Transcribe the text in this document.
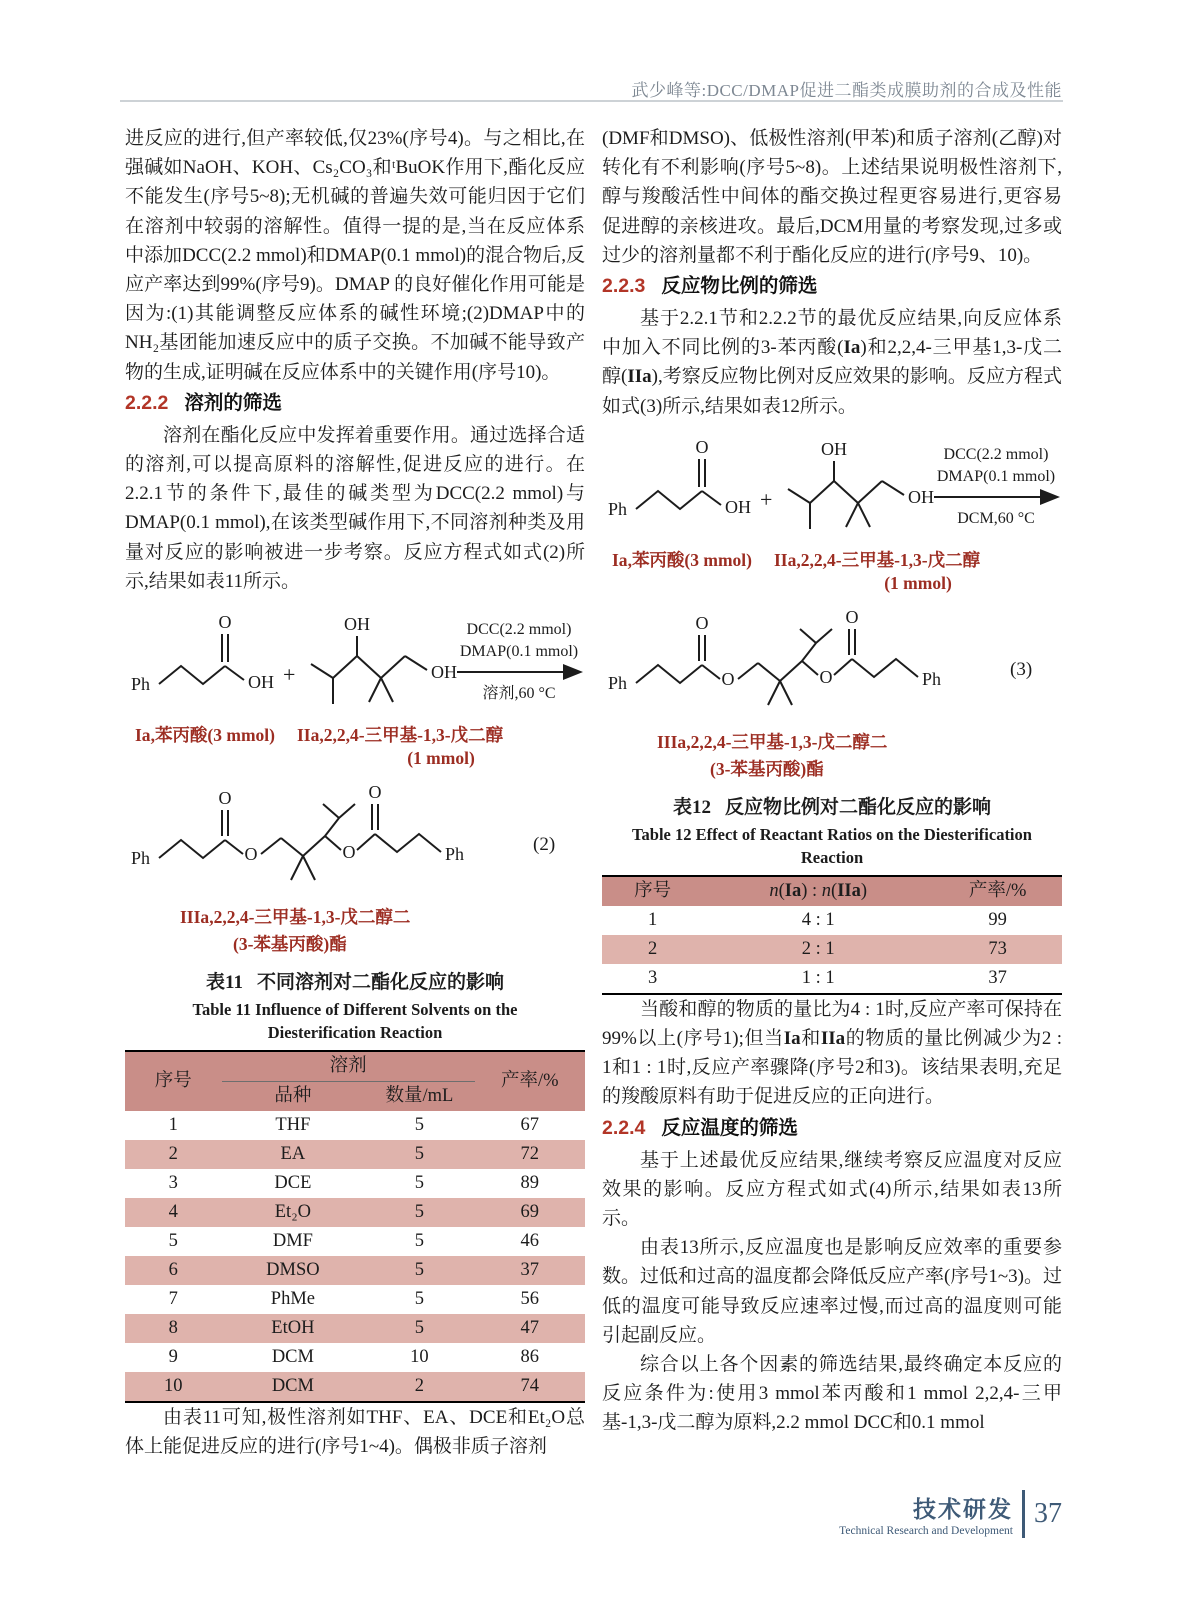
武少峰等:DCC/DMAP促进二酯类成膜助剂的合成及性能

进反应的进行,但产率较低,仅23%(序号4)。与之相比,在强碱如NaOH、KOH、Cs₂CO₃和ᵗBuOK作用下,酯化反应不能发生(序号5~8);无机碱的普遍失效可能归因于它们在溶剂中较弱的溶解性。值得一提的是,当在反应体系中添加DCC(2.2 mmol)和DMAP(0.1 mmol)的混合物后,反应产率达到99%(序号9)。DMAP 的良好催化作用可能是因为:(1)其能调整反应体系的碱性环境;(2)DMAP中的NH₂基团能加速反应中的质子交换。不加碱不能导致产物的生成,证明碱在反应体系中的关键作用(序号10)。

2.2.2 溶剂的筛选

溶剂在酯化反应中发挥着重要作用。通过选择合适的溶剂,可以提高原料的溶解性,促进反应的进行。在2.2.1节的条件下,最佳的碱类型为DCC(2.2 mmol)与DMAP(0.1 mmol),在该类型碱作用下,不同溶剂种类及用量对反应的影响被进一步考察。反应方程式如式(2)所示,结果如表11所示。

Ph
O
OH +
OH
OH
DCC(2.2 mmol)
DMAP(0.1 mmol)
溶剂,60 °C
Ia,苯丙酸(3 mmol) IIa,2,2,4-三甲基-1,3-戊二醇
(1 mmol)
Ph
O
O	O
O
Ph	(2)
IIIa,2,2,4-三甲基-1,3-戊二醇二
(3-苯基丙酸)酯
表11 不同溶剂对二酯化反应的影响
Table 11 Influence of Different Solvents on the
Diesterification Reaction
序号	溶剂		产率/%
	品种	数量/mL	
1	THF	5	67
2	EA	5	72
3	DCE	5	89
4	Et₂O	5	69
5	DMF	5	46
6	DMSO	5	37
7	PhMe	5	56
8	EtOH	5	47
9	DCM	10	86
10	DCM	2	74

由表11可知,极性溶剂如THF、EA、DCE和Et₂O总体上能促进反应的进行(序号1~4)。偶极非质子溶剂

(DMF和DMSO)、低极性溶剂(甲苯)和质子溶剂(乙醇)对转化有不利影响(序号5~8)。上述结果说明极性溶剂下,醇与羧酸活性中间体的酯交换过程更容易进行,更容易促进醇的亲核进攻。最后,DCM用量的考察发现,过多或过少的溶剂量都不利于酯化反应的进行(序号9、10)。

2.2.3 反应物比例的筛选

基于2.2.1节和2.2.2节的最优反应结果,向反应体系中加入不同比例的3-苯丙酸(Ia)和2,2,4-三甲基1,3-戊二醇(IIa),考察反应物比例对反应效果的影响。反应方程式如式(3)所示,结果如表12所示。

Ph
O
OH +
OH
OH
DCC(2.2 mmol)
DMAP(0.1 mmol)
DCM,60 °C
Ia,苯丙酸(3 mmol) IIa,2,2,4-三甲基-1,3-戊二醇
(1 mmol)
Ph
O
O	O
O
Ph	(3)
IIIa,2,2,4-三甲基-1,3-戊二醇二
(3-苯基丙酸)酯
表12 反应物比例对二酯化反应的影响
Table 12 Effect of Reactant Ratios on the Diesterification
Reaction
序号	n(Ia) : n(IIa)	产率/%
1	4 : 1	99
2	2 : 1	73
3	1 : 1	37

当酸和醇的物质的量比为4 : 1时,反应产率可保持在99%以上(序号1);但当Ia和IIa的物质的量比例减少为2 : 1和1 : 1时,反应产率骤降(序号2和3)。该结果表明,充足的羧酸原料有助于促进反应的正向进行。

2.2.4 反应温度的筛选

基于上述最优反应结果,继续考察反应温度对反应效果的影响。反应方程式如式(4)所示,结果如表13所示。

由表13所示,反应温度也是影响反应效率的重要参数。过低和过高的温度都会降低反应产率(序号1~3)。过低的温度可能导致反应速率过慢,而过高的温度则可能引起副反应。

综合以上各个因素的筛选结果,最终确定本反应的反应条件为:使用3 mmol苯丙酸和1 mmol 2,2,4-三甲基-1,3-戊二醇为原料,2.2 mmol DCC和0.1 mmol

技术研发
Technical Research and Development
37
